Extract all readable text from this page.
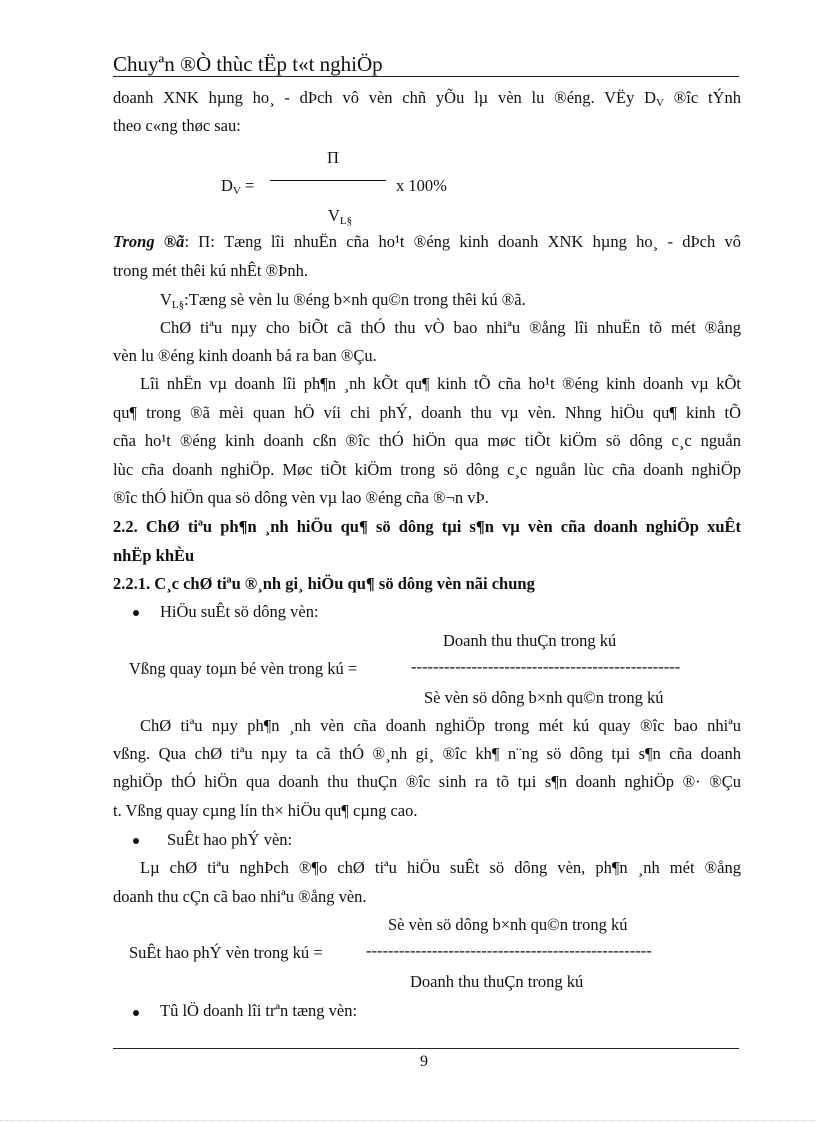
Chuyªn ®Ò thùc tËp t«t nghiÖp
doanh XNK hµng ho¸ - dÞch vô vèn chñ yÕu lµ vèn lu ®éng. VËy $D_V$ ®îc tÝnh
theo c«ng thøc sau:
Π
$D_V$ =	x 100%
$V_{L\S}$
Trong ®ã: Π: Tæng lîi nhuËn cña ho¹t ®éng kinh doanh XNK hµng ho¸ - dÞch vô
trong mét thêi kú nhÊt ®Þnh.
$V_{L\S}:Tæng$ sè vèn lu ®éng b×nh qu©n trong thêi kú ®ã.
ChØ tiªu nµy cho biÕt cã thÓ thu vÒ bao nhiªu ®ång lîi nhuËn tõ mét ®ång
vèn lu ®éng kinh doanh bá ra ban ®Çu.
Lîi nhËn vµ doanh lîi ph¶n ¸nh kÕt qu¶ kinh tÕ cña ho¹t ®éng kinh doanh vµ kÕt
qu¶ trong ®ã mèi quan hÖ víi chi phÝ, doanh thu vµ vèn. Nhng hiÖu qu¶ kinh tÕ
cña ho¹t ®éng kinh doanh cßn ®îc thÓ hiÖn qua møc tiÕt kiÖm sö dông c¸c nguån
lùc cña doanh nghiÖp. Møc tiÕt kiÖm trong sö dông c¸c nguån lùc cña doanh nghiÖp
®îc thÓ hiÖn qua sö dông vèn vµ lao ®éng cña ®¬n vÞ.
2.2. ChØ tiªu ph¶n ¸nh hiÖu qu¶ sö dông tµi s¶n vµ vèn cña doanh nghiÖp xuÊt
nhËp khÈu
2.2.1. C¸c chØ tiªu ®¸nh gi¸ hiÖu qu¶ sö dông vèn nãi chung
HiÖu suÊt sö dông vèn:
Doanh thu thuÇn trong kú
Vßng quay toµn bé vèn trong kú =	-------------------------------------------------
Sè vèn sö dông b×nh qu©n trong kú
ChØ tiªu nµy ph¶n ¸nh vèn cña doanh nghiÖp trong mét kú quay ®îc bao nhiªu
vßng. Qua chØ tiªu nµy ta cã thÓ ®¸nh gi¸ ®îc kh¶ n¨ng sö dông tµi s¶n cña doanh
nghiÖp thÓ hiÖn qua doanh thu thuÇn ®îc sinh ra tõ tµi s¶n doanh nghiÖp ®· ®Çu
t. Vßng quay cµng lín th× hiÖu qu¶ cµng cao.
SuÊt hao phÝ vèn:
Lµ chØ tiªu nghÞch ®¶o chØ tiªu hiÖu suÊt sö dông vèn, ph¶n ¸nh mét ®ång
doanh thu cÇn cã bao nhiªu ®ång vèn.
Sè vèn sö dông b×nh qu©n trong kú
SuÊt hao phÝ vèn trong kú =	----------------------------------------------------
Doanh thu thuÇn trong kú
Tû lÖ doanh lîi trªn tæng vèn:
9
